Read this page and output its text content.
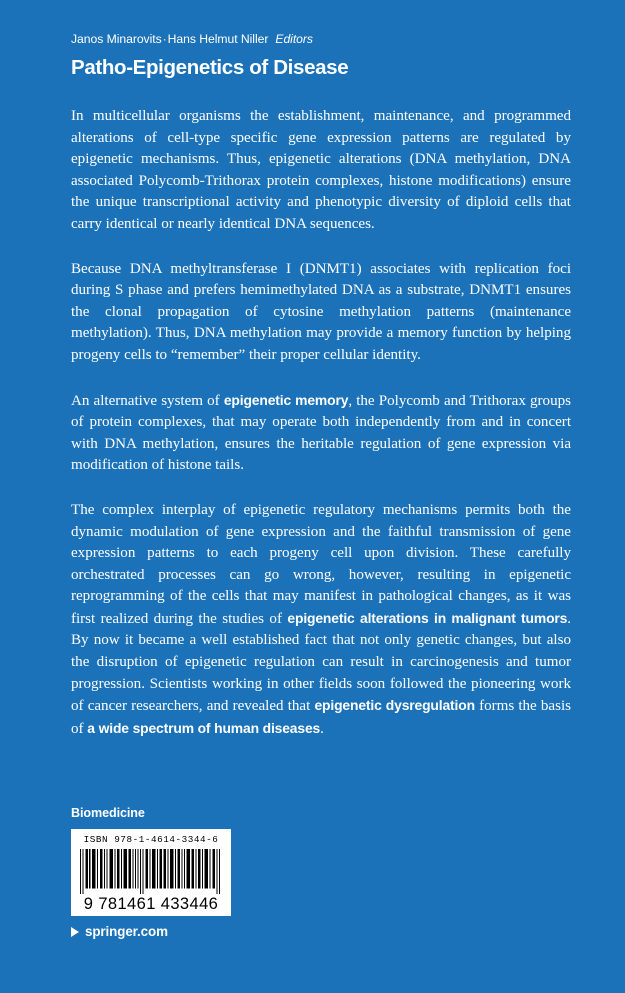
Janos Minarovits·Hans Helmut Niller Editors
Patho-Epigenetics of Disease

In multicellular organisms the establishment, maintenance, and programmed alterations of cell-type specific gene expression patterns are regulated by epigenetic mechanisms. Thus, epigenetic alterations (DNA methylation, DNA associated Polycomb-Trithorax protein complexes, histone modifications) ensure the unique transcriptional activity and phenotypic diversity of diploid cells that carry identical or nearly identical DNA sequences.

Because DNA methyltransferase I (DNMT1) associates with replication foci during S phase and prefers hemimethylated DNA as a substrate, DNMT1 ensures the clonal propagation of cytosine methylation patterns (maintenance methylation). Thus, DNA methylation may provide a memory function by helping progeny cells to “remember” their proper cellular identity.

An alternative system of epigenetic memory, the Polycomb and Trithorax groups of protein complexes, that may operate both independently from and in concert with DNA methylation, ensures the heritable regulation of gene expression via modification of histone tails.

The complex interplay of epigenetic regulatory mechanisms permits both the dynamic modulation of gene expression and the faithful transmission of gene expression patterns to each progeny cell upon division. These carefully orchestrated processes can go wrong, however, resulting in epigenetic reprogramming of the cells that may manifest in pathological changes, as it was first realized during the studies of epigenetic alterations in malignant tumors. By now it became a well established fact that not only genetic changes, but also the disruption of epigenetic regulation can result in carcinogenesis and tumor progression. Scientists working in other fields soon followed the pioneering work of cancer researchers, and revealed that epigenetic dysregulation forms the basis of a wide spectrum of human diseases.

Biomedicine
ISBN 978-1-4614-3344-6
9 781461 433446
springer.com
